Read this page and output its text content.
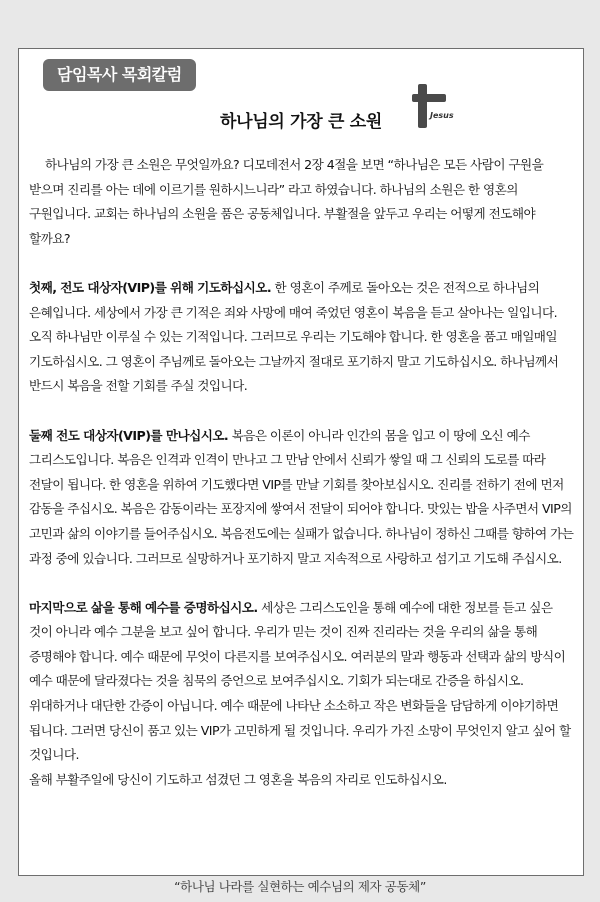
담임목사 목회칼럼
하나님의 가장 큰 소원	Jesus

하나님의 가장 큰 소원은 무엇일까요? 디모데전서 2장 4절을 보면 “하나님은 모든 사람이 구원을 받으며 진리를 아는 데에 이르기를 원하시느니라” 라고 하였습니다. 하나님의 소원은 한 영혼의 구원입니다. 교회는 하나님의 소원을 품은 공동체입니다. 부활절을 앞두고 우리는 어떻게 전도해야 할까요?

첫째, 전도 대상자(VIP)를 위해 기도하십시오. 한 영혼이 주께로 돌아오는 것은 전적으로 하나님의 은혜입니다. 세상에서 가장 큰 기적은 죄와 사망에 매여 죽었던 영혼이 복음을 듣고 살아나는 일입니다. 오직 하나님만 이루실 수 있는 기적입니다. 그러므로 우리는 기도해야 합니다. 한 영혼을 품고 매일매일 기도하십시오. 그 영혼이 주님께로 돌아오는 그날까지 절대로 포기하지 말고 기도하십시오. 하나님께서 반드시 복음을 전할 기회를 주실 것입니다.

둘째 전도 대상자(VIP)를 만나십시오. 복음은 이론이 아니라 인간의 몸을 입고 이 땅에 오신 예수 그리스도입니다. 복음은 인격과 인격이 만나고 그 만남 안에서 신뢰가 쌓일 때 그 신뢰의 도로를 따라 전달이 됩니다. 한 영혼을 위하여 기도했다면 VIP를 만날 기회를 찾아보십시오. 진리를 전하기 전에 먼저 감동을 주십시오. 복음은 감동이라는 포장지에 쌓여서 전달이 되어야 합니다. 맛있는 밥을 사주면서 VIP의 고민과 삶의 이야기를 들어주십시오. 복음전도에는 실패가 없습니다. 하나님이 정하신 그때를 향하여 가는 과정 중에 있습니다. 그러므로 실망하거나 포기하지 말고 지속적으로 사랑하고 섬기고 기도해 주십시오.

마지막으로 삶을 통해 예수를 증명하십시오. 세상은 그리스도인을 통해 예수에 대한 정보를 듣고 싶은 것이 아니라 예수 그분을 보고 싶어 합니다. 우리가 믿는 것이 진짜 진리라는 것을 우리의 삶을 통해 증명해야 합니다. 예수 때문에 무엇이 다른지를 보여주십시오. 여러분의 말과 행동과 선택과 삶의 방식이 예수 때문에 달라졌다는 것을 침묵의 증언으로 보여주십시오. 기회가 되는대로 간증을 하십시오. 위대하거나 대단한 간증이 아닙니다. 예수 때문에 나타난 소소하고 작은 변화들을 담담하게 이야기하면 됩니다. 그러면 당신이 품고 있는 VIP가 고민하게 될 것입니다. 우리가 가진 소망이 무엇인지 알고 싶어 할 것입니다.

올해 부활주일에 당신이 기도하고 섬겼던 그 영혼을 복음의 자리로 인도하십시오.

“하나님 나라를 실현하는 예수님의 제자 공동체”
